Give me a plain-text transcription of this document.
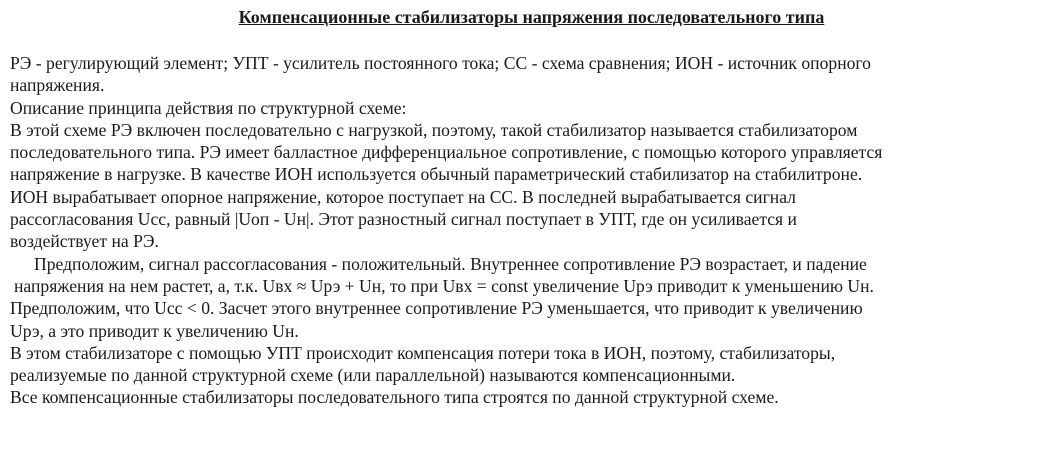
Компенсационные стабилизаторы напряжения последовательного типа

РЭ - регулирующий элемент; УПТ - усилитель постоянного тока; СС - схема сравнения; ИОН - источник опорного

напряжения.

Описание принципа действия по структурной схеме:

В этой схеме РЭ включен последовательно с нагрузкой, поэтому, такой стабилизатор называется стабилизатором

последовательного типа. РЭ имеет балластное дифференциальное сопротивление, с помощью которого управляется

напряжение в нагрузке. В качестве ИОН используется обычный параметрический стабилизатор на стабилитроне.

ИОН вырабатывает опорное напряжение, которое поступает на СС. В последней вырабатывается сигнал

рассогласования Uсс, равный |Uоп - Uн|. Этот разностный сигнал поступает в УПТ, где он усиливается и

воздействует на РЭ.

Предположим, сигнал рассогласования - положительный. Внутреннее сопротивление РЭ возрастает, и падение

напряжения на нем растет, а, т.к. Uвх ≈ Uрэ + Uн, то при Uвх = const увеличение Uрэ приводит к уменьшению Uн.

Предположим, что Uсс < 0. Засчет этого внутреннее сопротивление РЭ уменьшается, что приводит к увеличению

Uрэ, а это приводит к увеличению Uн.

В этом стабилизаторе с помощью УПТ происходит компенсация потери тока в ИОН, поэтому, стабилизаторы,

реализуемые по данной структурной схеме (или параллельной) называются компенсационными.

Все компенсационные стабилизаторы последовательного типа строятся по данной структурной схеме.
